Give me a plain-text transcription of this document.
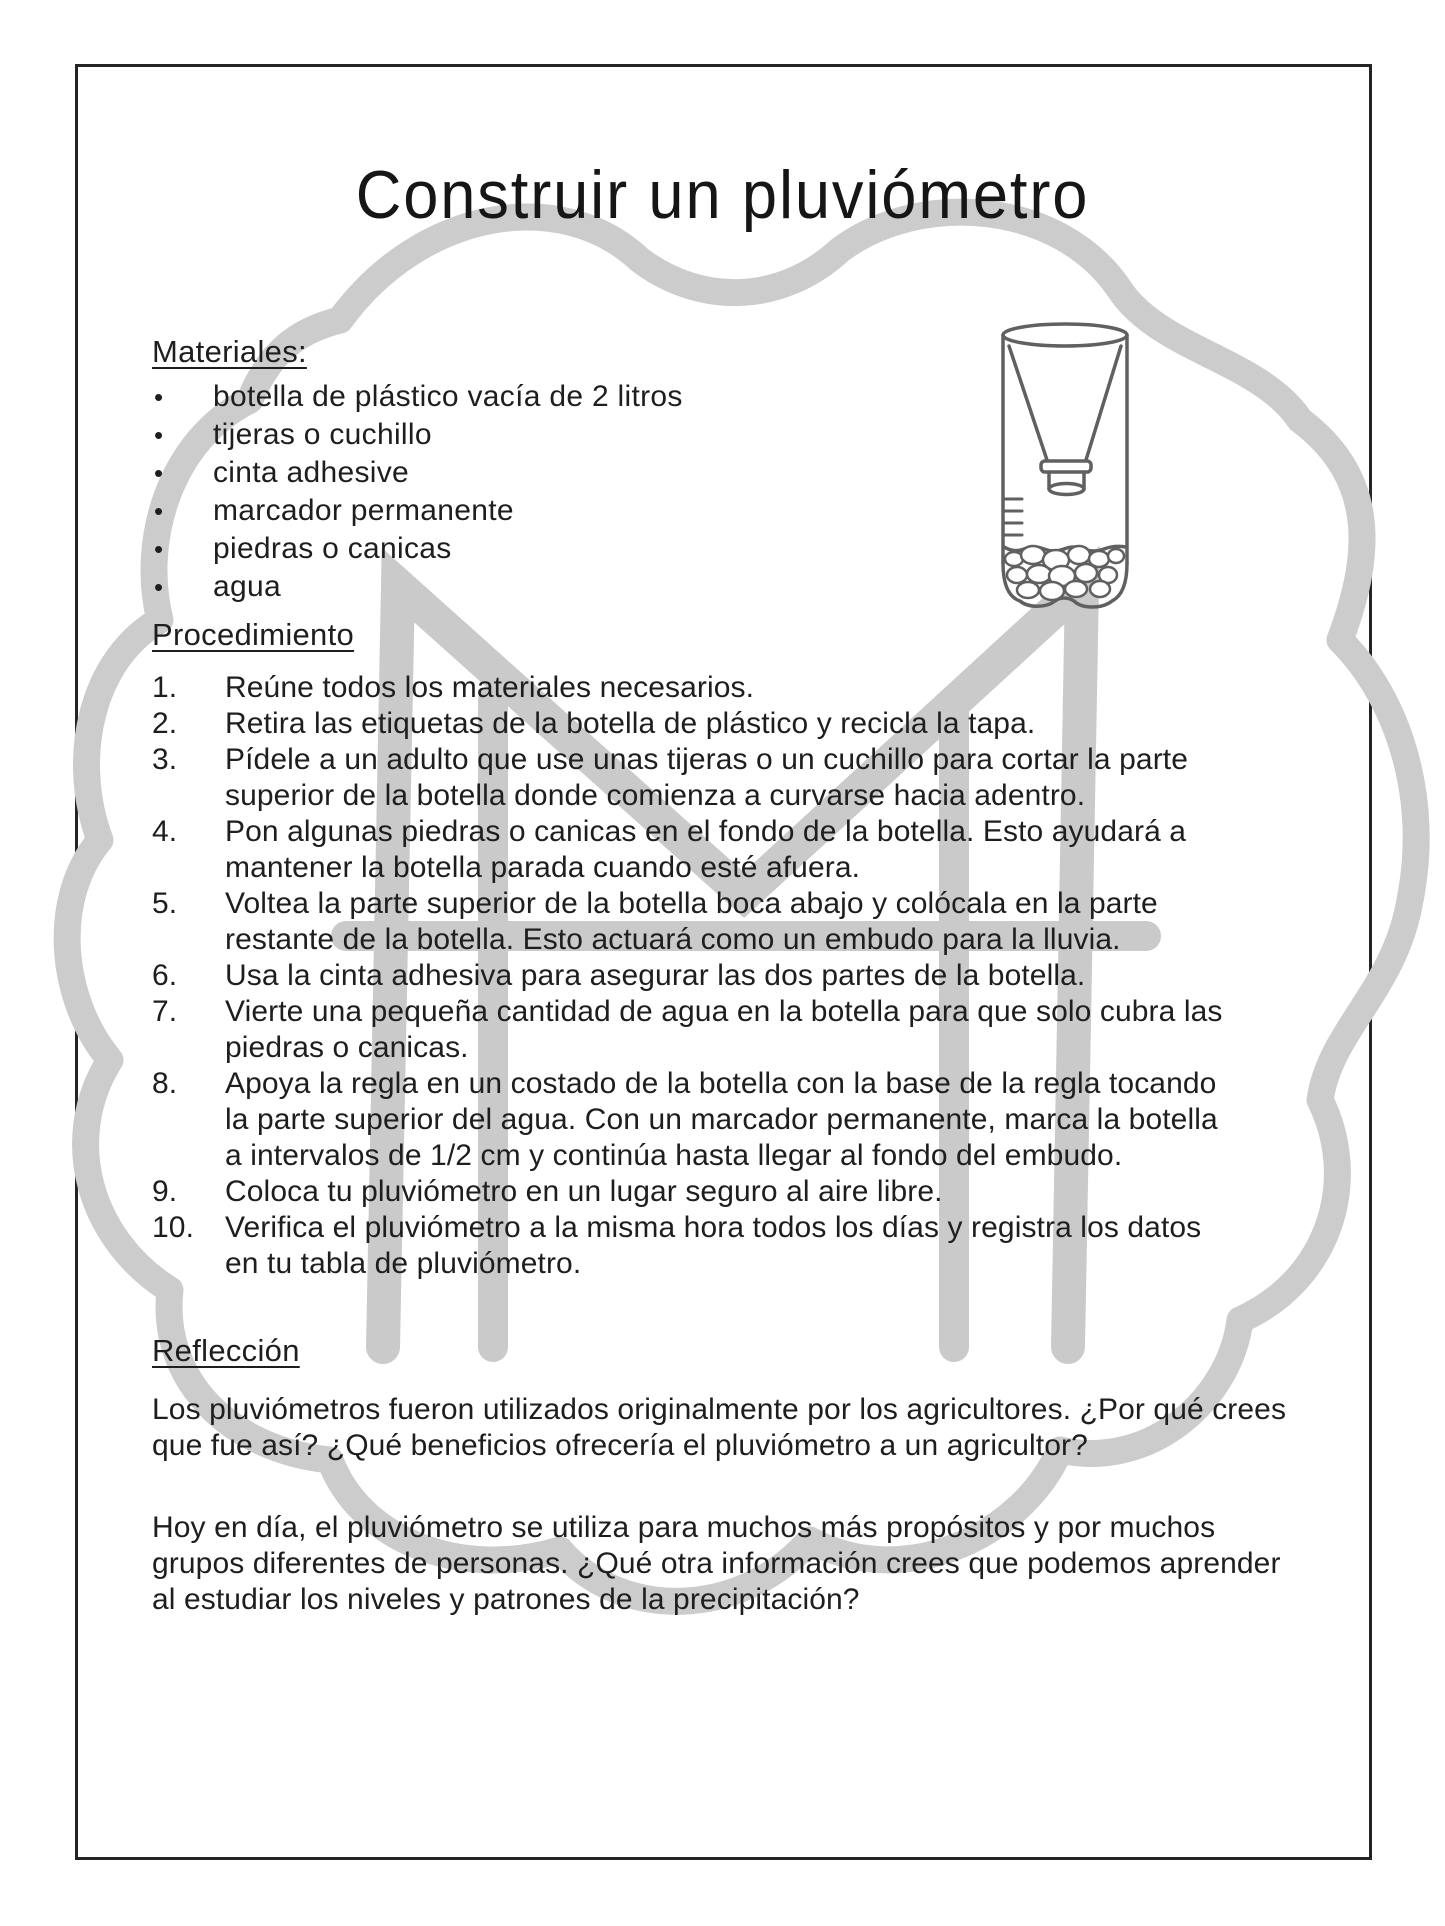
Construir un pluviómetro
Materiales:
• botella de plástico vacía de 2 litros
• tijeras o cuchillo
• cinta adhesive
• marcador permanente
• piedras o canicas
• agua
Procedimiento
Reúne todos los materiales necesarios.
Retira las etiquetas de la botella de plástico y recicla la tapa.
Pídele a un adulto que use unas tijeras o un cuchillo para cortar la parte superior de la botella donde comienza a curvarse hacia adentro.
Pon algunas piedras o canicas en el fondo de la botella. Esto ayudará a mantener la botella parada cuando esté afuera.
Voltea la parte superior de la botella boca abajo y colócala en la parte restante de la botella. Esto actuará como un embudo para la lluvia.
Usa la cinta adhesiva para asegurar las dos partes de la botella.
Vierte una pequeña cantidad de agua en la botella para que solo cubra las piedras o canicas.
Apoya la regla en un costado de la botella con la base de la regla tocando la parte superior del agua. Con un marcador permanente, marca la botella a intervalos de 1/2 cm y continúa hasta llegar al fondo del embudo.
Coloca tu pluviómetro en un lugar seguro al aire libre.
Verifica el pluviómetro a la misma hora todos los días y registra los datos en tu tabla de pluviómetro.
Reflección

Los pluviómetros fueron utilizados originalmente por los agricultores. ¿Por qué crees que fue así? ¿Qué beneficios ofrecería el pluviómetro a un agricultor?

Hoy en día, el pluviómetro se utiliza para muchos más propósitos y por muchos grupos diferentes de personas. ¿Qué otra información crees que podemos aprender al estudiar los niveles y patrones de la precipitación?
